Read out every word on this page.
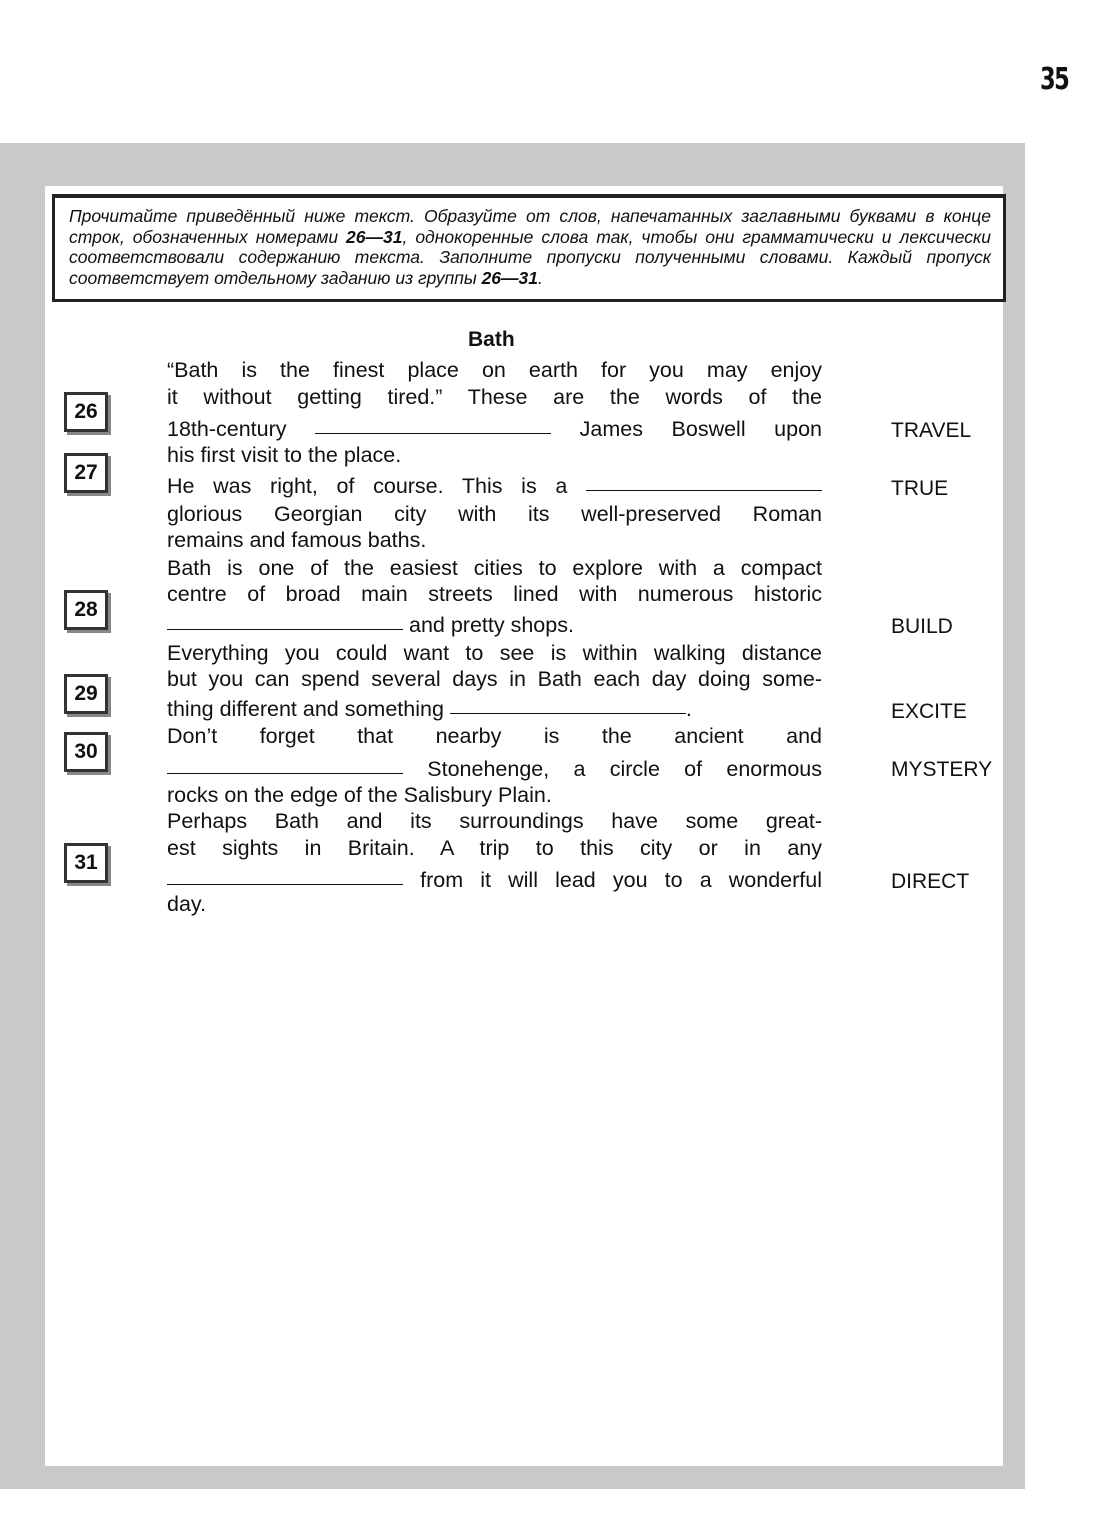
35
Прочитайте приведённый ниже текст. Образуйте от слов, напечатанных заглавными буквами в конце строк, обозначенных номерами 26—31, однокоренные слова так, чтобы они грамматически и лексически соответствовали содержанию текста. Заполните пропуски полученными словами. Каждый пропуск соответствует отдельному заданию из группы 26—31.
Bath
“Bath is the finest place on earth for you may enjoy
it without getting tired.” These are the words of the
18th-century	James Boswell upon
his first visit to the place.
He was right, of course. This is a
glorious Georgian city with its well-preserved Roman
remains and famous baths.
Bath is one of the easiest cities to explore with a compact
centre of broad main streets lined with numerous historic
and pretty shops.
Everything you could want to see is within walking distance
but you can spend several days in Bath each day doing some-
thing different and something	.
Don’t forget that nearby is the ancient and
Stonehenge, a circle of enormous
rocks on the edge of the Salisbury Plain.
Perhaps Bath and its surroundings have some great-
est sights in Britain. A trip to this city or in any
from it will lead you to a wonderful
day.
26
27
28
29
30
31
TRAVEL
TRUE
BUILD
EXCITE
MYSTERY
DIRECT
